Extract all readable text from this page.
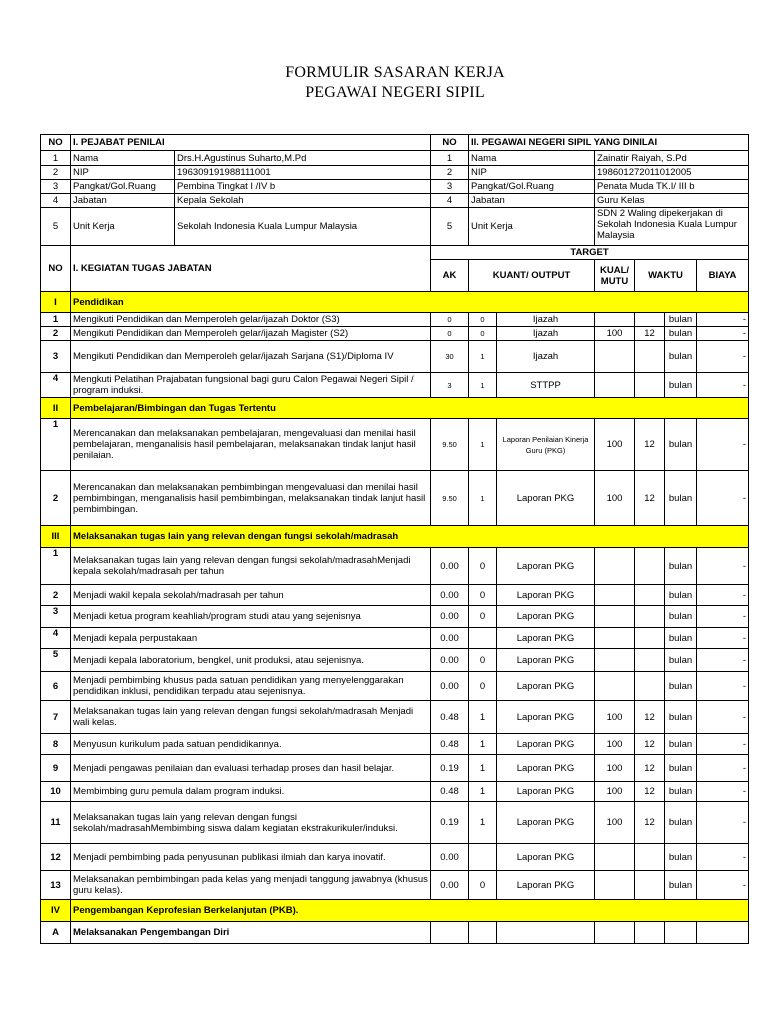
FORMULIR SASARAN KERJA
PEGAWAI NEGERI SIPIL
NO	I. PEJABAT PENILAI		NO	II. PEGAWAI NEGERI SIPIL YANG DINILAI					
1	Nama	Drs.H.Agustinus Suharto,M.Pd	1	Nama		Zainatir Raiyah, S.Pd			
2	NIP	196309191988111001	2	NIP		198601272011012005			
3	Pangkat/Gol.Ruang	Pembina Tingkat I /IV b	3	Pangkat/Gol.Ruang		Penata Muda TK.I/ III b			
4	Jabatan	Kepala Sekolah	4	Jabatan		Guru Kelas			
5	Unit Kerja	Sekolah Indonesia Kuala Lumpur Malaysia	5	Unit Kerja		SDN 2 Waling dipekerjakan di Sekolah Indonesia Kuala Lumpur Malaysia			
NO	I. KEGIATAN TUGAS JABATAN		TARGET						
			AK	KUANT/ OUTPUT		KUAL/ MUTU	WAKTU		BIAYA
I	Pendidikan								
1	Mengikuti Pendidikan dan Memperoleh gelar/ijazah Doktor (S3)		0	0	Ijazah			bulan	-
2	Mengikuti Pendidikan dan Memperoleh gelar/ijazah Magister (S2)		0	0	Ijazah	100	12	bulan	-
3	Mengikuti Pendidikan dan Memperoleh gelar/ijazah Sarjana (S1)/Diploma IV		30	1	Ijazah			bulan	-
4	Mengkuti Pelatihan Prajabatan fungsional bagi guru Calon Pegawai Negeri Sipil / program induksi.		3	1	STTPP			bulan	-
II	Pembelajaran/Bimbingan dan Tugas Tertentu								
1	Merencanakan dan melaksanakan pembelajaran, mengevaluasi dan menilai hasil pembelajaran, menganalisis hasil pembelajaran, melaksanakan tindak lanjut hasil penilaian.		9.50	1	Laporan Penilaian Kinerja Guru (PKG)	100	12	bulan	-
2	Merencanakan dan melaksanakan pembimbingan mengevaluasi dan menilai hasil pembimbingan, menganalisis hasil pembimbingan, melaksanakan tindak lanjut hasil pembimbingan.		9.50	1	Laporan PKG	100	12	bulan	-
III	Melaksanakan tugas lain yang relevan dengan fungsi sekolah/madrasah								
1	Melaksanakan tugas lain yang relevan dengan fungsi sekolah/madrasahMenjadi kepala sekolah/madrasah per tahun		0.00	0	Laporan PKG			bulan	-
2	Menjadi wakil kepala sekolah/madrasah per tahun		0.00	0	Laporan PKG			bulan	-
3	Menjadi ketua program keahliah/program studi atau yang sejenisnya		0.00	0	Laporan PKG			bulan	-
4	Menjadi kepala perpustakaan		0.00		Laporan PKG			bulan	-
5	Menjadi kepala laboratorium, bengkel, unit produksi, atau sejenisnya.		0.00	0	Laporan PKG			bulan	-
6	Menjadi pembimbing khusus pada satuan pendidikan yang menyelenggarakan pendidikan inklusi, pendidikan terpadu atau sejenisnya.		0.00	0	Laporan PKG			bulan	-
7	Melaksanakan tugas lain yang relevan dengan fungsi sekolah/madrasah Menjadi wali kelas.		0.48	1	Laporan PKG	100	12	bulan	-
8	Menyusun kurikulum pada satuan pendidikannya.		0.48	1	Laporan PKG	100	12	bulan	-
9	Menjadi pengawas penilaian dan evaluasi terhadap proses dan hasil belajar.		0.19	1	Laporan PKG	100	12	bulan	-
10	Membimbing guru pemula dalam program induksi.		0.48	1	Laporan PKG	100	12	bulan	-
11	Melaksanakan tugas lain yang relevan dengan fungsi sekolah/madrasahMembimbing siswa dalam kegiatan ekstrakurikuler/induksi.		0.19	1	Laporan PKG	100	12	bulan	-
12	Menjadi pembimbing pada penyusunan publikasi ilmiah dan karya inovatif.		0.00		Laporan PKG			bulan	-
13	Melaksanakan pembimbingan pada kelas yang menjadi tanggung jawabnya (khusus guru kelas).		0.00	0	Laporan PKG			bulan	-
IV	Pengembangan Keprofesian Berkelanjutan (PKB).								
A	Melaksanakan Pengembangan Diri								
